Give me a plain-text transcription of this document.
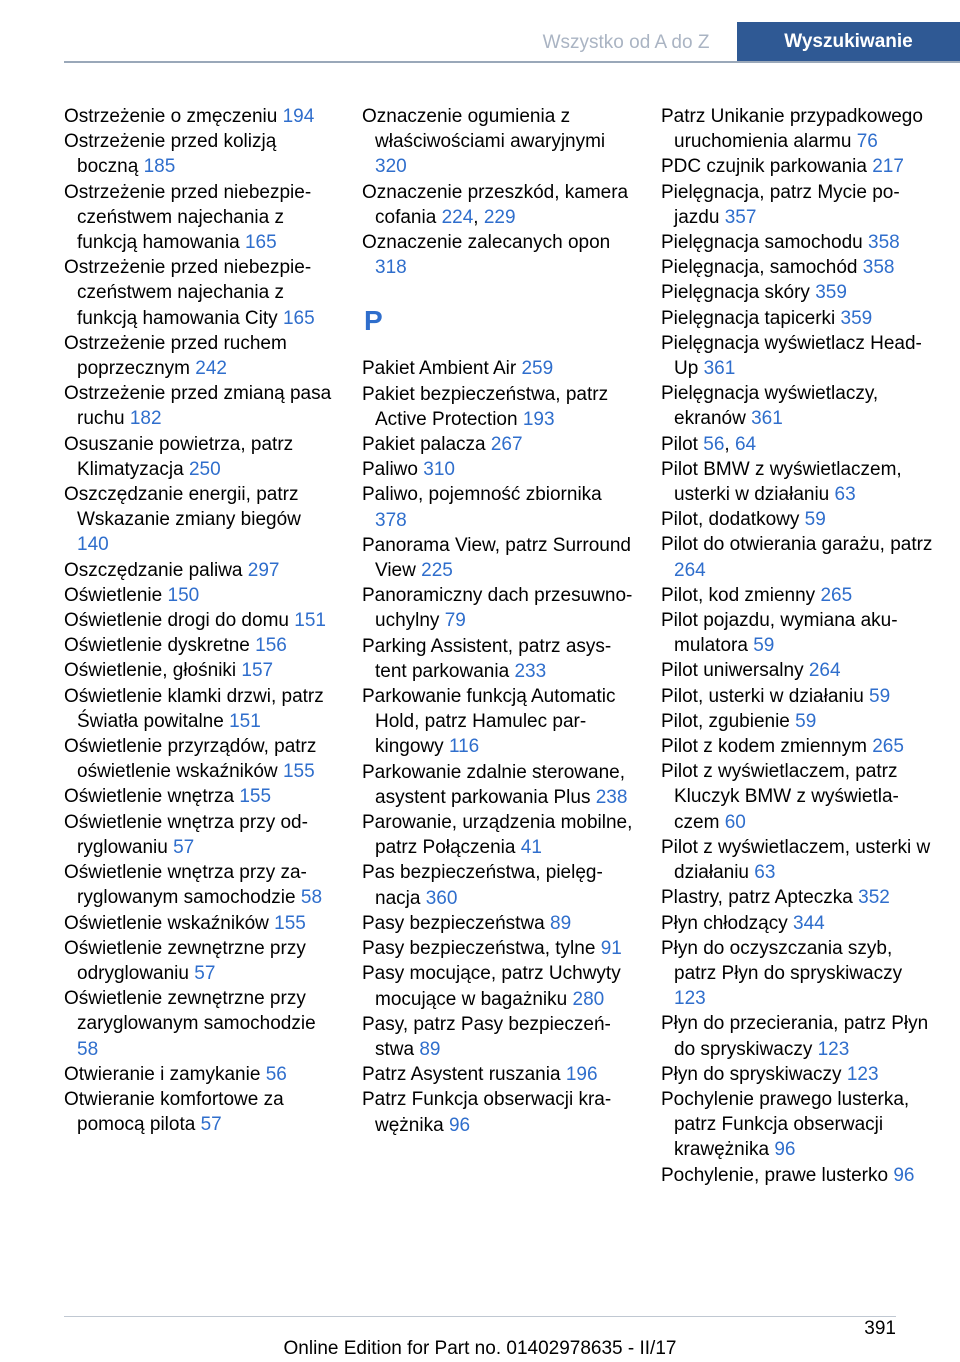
Wszystko od A do Z	Wyszukiwanie
Ostrzeżenie o zmęczeniu 194
Ostrzeżenie przed kolizją boczną 185
Ostrzeżenie przed niebezpieczeństwem najechania z funkcją hamowania 165
Ostrzeżenie przed niebezpieczeństwem najechania z funkcją hamowania City 165
Ostrzeżenie przed ruchem poprzecznym 242
Ostrzeżenie przed zmianą pasa ruchu 182
Osuszanie powietrza, patrz Klimatyzacja 250
Oszczędzanie energii, patrz Wskazanie zmiany biegów 140
Oszczędzanie paliwa 297
Oświetlenie 150
Oświetlenie drogi do domu 151
Oświetlenie dyskretne 156
Oświetlenie, głośniki 157
Oświetlenie klamki drzwi, patrz Światła powitalne 151
Oświetlenie przyrządów, patrz oświetlenie wskaźników 155
Oświetlenie wnętrza 155
Oświetlenie wnętrza przy odryglowaniu 57
Oświetlenie wnętrza przy zaryglowanym samochodzie 58
Oświetlenie wskaźników 155
Oświetlenie zewnętrzne przy odryglowaniu 57
Oświetlenie zewnętrzne przy zaryglowanym samochodzie 58
Otwieranie i zamykanie 56
Otwieranie komfortowe za pomocą pilota 57
Oznaczenie ogumienia z właściwościami awaryjnymi 320
Oznaczenie przeszkód, kamera cofania 224, 229
Oznaczenie zalecanych opon 318
P
Pakiet Ambient Air 259
Pakiet bezpieczeństwa, patrz Active Protection 193
Pakiet palacza 267
Paliwo 310
Paliwo, pojemność zbiornika 378
Panorama View, patrz Surround View 225
Panoramiczny dach przesuwno-uchylny 79
Parking Assistent, patrz asystent parkowania 233
Parkowanie funkcją Automatic Hold, patrz Hamulec parkingowy 116
Parkowanie zdalnie sterowane, asystent parkowania Plus 238
Parowanie, urządzenia mobilne, patrz Połączenia 41
Pas bezpieczeństwa, pielęgnacja 360
Pasy bezpieczeństwa 89
Pasy bezpieczeństwa, tylne 91
Pasy mocujące, patrz Uchwyty mocujące w bagażniku 280
Pasy, patrz Pasy bezpieczeństwa 89
Patrz Asystent ruszania 196
Patrz Funkcja obserwacji krawężnika 96
Patrz Unikanie przypadkowego uruchomienia alarmu 76
PDC czujnik parkowania 217
Pielęgnacja, patrz Mycie pojazdu 357
Pielęgnacja samochodu 358
Pielęgnacja, samochód 358
Pielęgnacja skóry 359
Pielęgnacja tapicerki 359
Pielęgnacja wyświetlacz Head-Up 361
Pielęgnacja wyświetlaczy, ekranów 361
Pilot 56, 64
Pilot BMW z wyświetlaczem, usterki w działaniu 63
Pilot, dodatkowy 59
Pilot do otwierania garażu, patrz 264
Pilot, kod zmienny 265
Pilot pojazdu, wymiana akumulatora 59
Pilot uniwersalny 264
Pilot, usterki w działaniu 59
Pilot, zgubienie 59
Pilot z kodem zmiennym 265
Pilot z wyświetlaczem, patrz Kluczyk BMW z wyświetlaczem 60
Pilot z wyświetlaczem, usterki w działaniu 63
Plastry, patrz Apteczka 352
Płyn chłodzący 344
Płyn do oczyszczania szyb, patrz Płyn do spryskiwaczy 123
Płyn do przecierania, patrz Płyn do spryskiwaczy 123
Płyn do spryskiwaczy 123
Pochylenie prawego lusterka, patrz Funkcja obserwacji krawężnika 96
Pochylenie, prawe lusterko 96
391
Online Edition for Part no. 01402978635 - II/17
